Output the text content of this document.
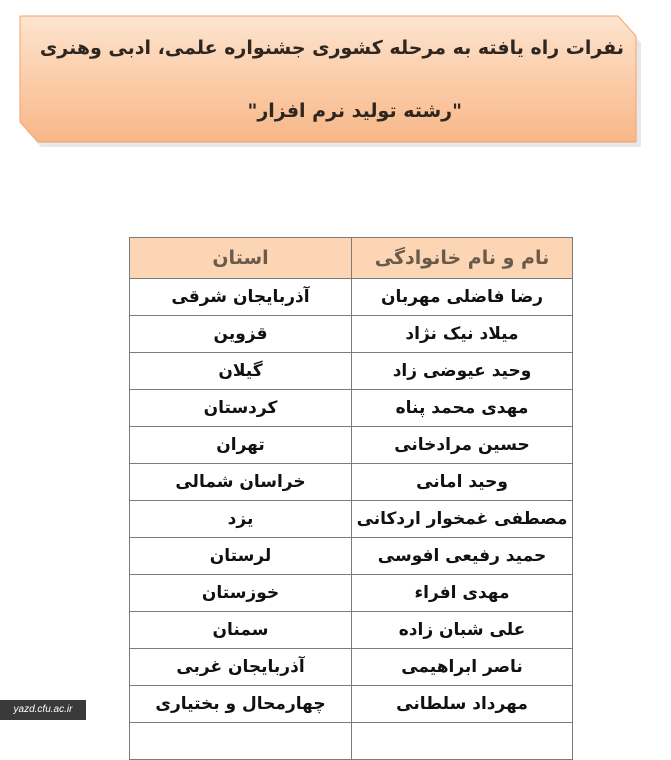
نفرات راه یافته به مرحله کشوری جشنواره علمی، ادبی وهنری
"رشته تولید نرم افزار"
نام و نام خانوادگی	استان
رضا فاضلی مهربان	آذربایجان شرقی
میلاد نیک نژاد	قزوین
وحید عیوضی زاد	گیلان
مهدی محمد پناه	کردستان
حسین مرادخانی	تهران
وحید امانی	خراسان شمالی
مصطفی غمخوار اردکانی	یزد
حمید رفیعی افوسی	لرستان
مهدی افراء	خوزستان
علی شبان زاده	سمنان
ناصر ابراهیمی	آذربایجان غربی
مهرداد سلطانی	چهارمحال و بختیاری

yazd.cfu.ac.ir
